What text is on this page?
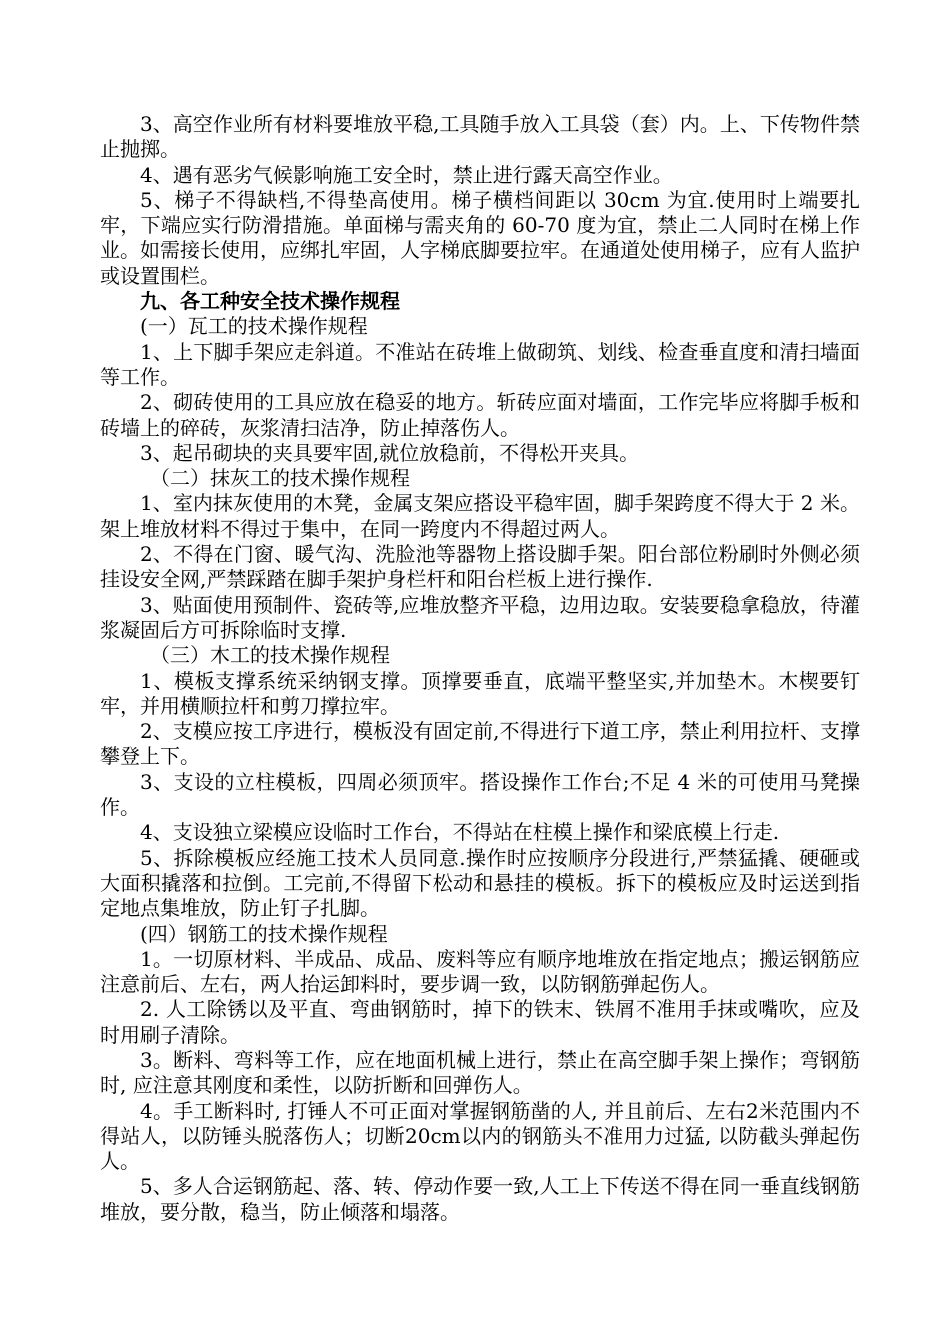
3、高空作业所有材料要堆放平稳,工具随手放入工具袋（套）内。上、下传物件禁止抛掷。

4、遇有恶劣气候影响施工安全时，禁止进行露天高空作业。

5、梯子不得缺档,不得垫高使用。梯子横档间距以 30cm 为宜.使用时上端要扎牢，下端应实行防滑措施。单面梯与需夹角的 60-70 度为宜，禁止二人同时在梯上作业。如需接长使用，应绑扎牢固，人字梯底脚要拉牢。在通道处使用梯子，应有人监护或设置围栏。

九、各工种安全技术操作规程

(一）瓦工的技术操作规程

1、上下脚手架应走斜道。不准站在砖堆上做砌筑、划线、检查垂直度和清扫墙面等工作。

2、砌砖使用的工具应放在稳妥的地方。斩砖应面对墙面，工作完毕应将脚手板和砖墙上的碎砖，灰浆清扫洁净，防止掉落伤人。

3、起吊砌块的夹具要牢固,就位放稳前，不得松开夹具。

（二）抹灰工的技术操作规程

1、室内抹灰使用的木凳，金属支架应搭设平稳牢固，脚手架跨度不得大于 2 米。架上堆放材料不得过于集中，在同一跨度内不得超过两人。

2、不得在门窗、暖气沟、洗脸池等器物上搭设脚手架。阳台部位粉刷时外侧必须挂设安全网,严禁踩踏在脚手架护身栏杆和阳台栏板上进行操作.

3、贴面使用预制件、瓷砖等,应堆放整齐平稳，边用边取。安装要稳拿稳放，待灌浆凝固后方可拆除临时支撑.

（三）木工的技术操作规程

1、模板支撑系统采纳钢支撑。顶撑要垂直，底端平整坚实,并加垫木。木楔要钉牢，并用横顺拉杆和剪刀撑拉牢。

2、支模应按工序进行，模板没有固定前,不得进行下道工序，禁止利用拉杆、支撑攀登上下。

3、支设的立柱模板，四周必须顶牢。搭设操作工作台;不足 4 米的可使用马凳操作。

4、支设独立梁模应设临时工作台，不得站在柱模上操作和梁底模上行走.

5、拆除模板应经施工技术人员同意.操作时应按顺序分段进行,严禁猛撬、硬砸或大面积撬落和拉倒。工完前,不得留下松动和悬挂的模板。拆下的模板应及时运送到指定地点集堆放，防止钉子扎脚。

(四）钢筋工的技术操作规程

1。一切原材料、半成品、成品、废料等应有顺序地堆放在指定地点；搬运钢筋应注意前后、左右，两人抬运卸料时，要步调一致，以防钢筋弹起伤人。

2. 人工除锈以及平直、弯曲钢筋时，掉下的铁末、铁屑不准用手抹或嘴吹，应及时用刷子清除。

3。断料、弯料等工作，应在地面机械上进行，禁止在高空脚手架上操作；弯钢筋时, 应注意其刚度和柔性，以防折断和回弹伤人。

4。手工断料时, 打锤人不可正面对掌握钢筋凿的人, 并且前后、左右2米范围内不得站人，以防锤头脱落伤人；切断20cm以内的钢筋头不准用力过猛, 以防截头弹起伤人。

5、多人合运钢筋起、落、转、停动作要一致,人工上下传送不得在同一垂直线钢筋堆放，要分散，稳当，防止倾落和塌落。
